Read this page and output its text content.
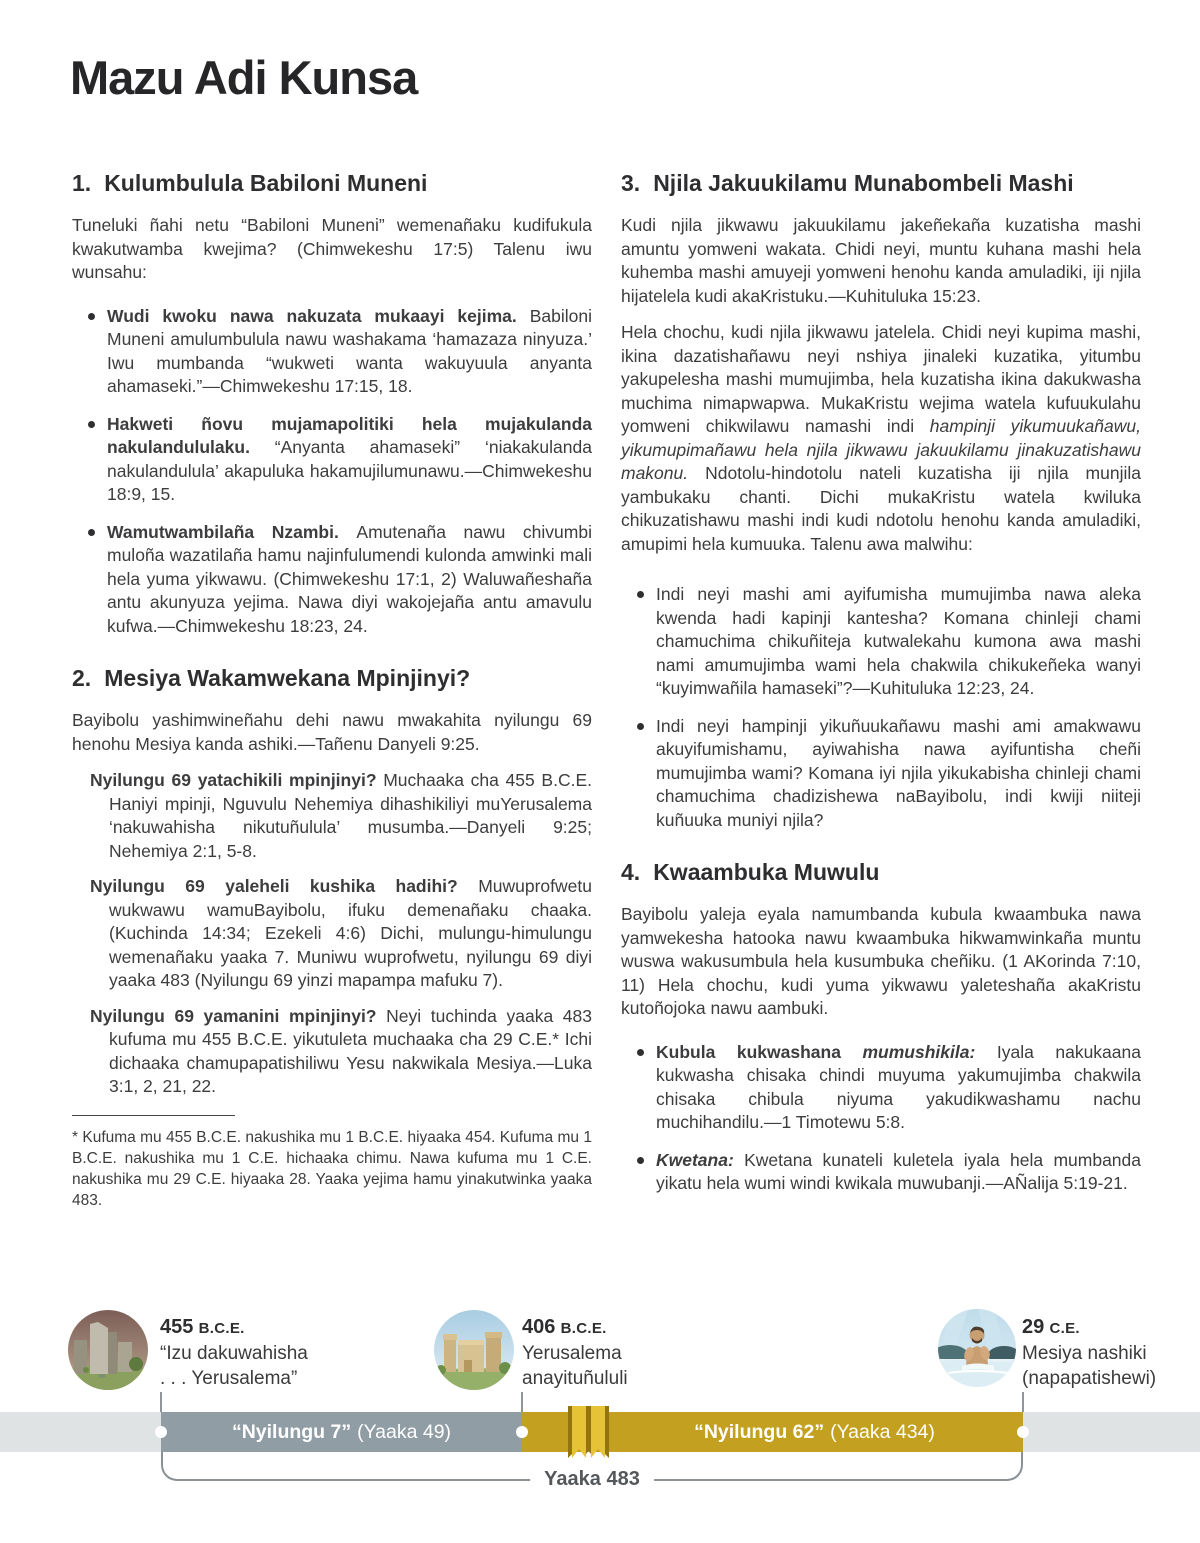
Mazu Adi Kunsa
1. Kulumbulula Babiloni Muneni

Tuneluki ñahi netu “Babiloni Muneni” wemenañaku kudifukula kwakutwamba kwejima? (Chimwekeshu 17:5) Talenu iwu wunsahu:

Wudi kwoku nawa nakuzata mukaayi kejima. Babiloni Muneni amulumbulula nawu washakama ‘hamazaza ninyuza.’ Iwu mumbanda “wukweti wanta wakuyuula anyanta ahamaseki.”—Chimwekeshu 17:15, 18.
Hakweti ñovu mujamapolitiki hela mujakulanda nakulandululaku. “Anyanta ahamaseki” ‘niakakulanda nakulandulula’ akapuluka hakamujilumunawu.—Chimwekeshu 18:9, 15.
Wamutwambilaña Nzambi. Amutenaña nawu chivumbi muloña wazatilaña hamu najinfulumendi kulonda amwinki mali hela yuma yikwawu. (Chimwekeshu 17:1, 2) Waluwañeshaña antu akunyuza yejima. Nawa diyi wakojejaña antu amavulu kufwa.—Chimwekeshu 18:23, 24.
2. Mesiya Wakamwekana Mpinjinyi?

Bayibolu yashimwineñahu dehi nawu mwakahita nyilungu 69 henohu Mesiya kanda ashiki.—Tañenu Danyeli 9:25.

Nyilungu 69 yatachikili mpinjinyi? Muchaaka cha 455 B.C.E. Haniyi mpinji, Nguvulu Nehemiya dihashikiliyi muYerusalema ‘nakuwahisha nikutuñulula’ musumba.—Danyeli 9:25; Nehemiya 2:1, 5-8.

Nyilungu 69 yaleheli kushika hadihi? Muwuprofwetu wukwawu wamuBayibolu, ifuku demenañaku chaaka. (Kuchinda 14:34; Ezekeli 4:6) Dichi, mulungu-himulungu wemenañaku yaaka 7. Muniwu wuprofwetu, nyilungu 69 diyi yaaka 483 (Nyilungu 69 yinzi mapampa mafuku 7).

Nyilungu 69 yamanini mpinjinyi? Neyi tuchinda yaaka 483 kufuma mu 455 B.C.E. yikutuleta muchaaka cha 29 C.E.* Ichi dichaaka chamupapatishiliwu Yesu nakwikala Mesiya.—Luka 3:1, 2, 21, 22.

* Kufuma mu 455 B.C.E. nakushika mu 1 B.C.E. hiyaaka 454. Kufuma mu 1 B.C.E. nakushika mu 1 C.E. hichaaka chimu. Nawa kufuma mu 1 C.E. nakushika mu 29 C.E. hiyaaka 28. Yaaka yejima hamu yinakutwinka yaaka 483.

3. Njila Jakuukilamu Munabombeli Mashi

Kudi njila jikwawu jakuukilamu jakeñekaña kuzatisha mashi amuntu yomweni wakata. Chidi neyi, muntu kuhana mashi hela kuhemba mashi amuyeji yomweni henohu kanda amuladiki, iji njila hijatelela kudi akaKristuku.—Kuhituluka 15:23.

Hela chochu, kudi njila jikwawu jatelela. Chidi neyi kupima mashi, ikina dazatishañawu neyi nshiya jinaleki kuzatika, yitumbu yakupelesha mashi mumujimba, hela kuzatisha ikina dakukwasha muchima nimapwapwa. MukaKristu wejima watela kufuukulahu yomweni chikwilawu namashi indi hampinji yikumuukañawu, yikumupimañawu hela njila jikwawu jakuukilamu jinakuzatishawu makonu. Ndotolu-hindotolu nateli kuzatisha iji njila munjila yambukaku chanti. Dichi mukaKristu watela kwiluka chikuzatishawu mashi indi kudi ndotolu henohu kanda amuladiki, amupimi hela kumuuka. Talenu awa malwihu:

Indi neyi mashi ami ayifumisha mumujimba nawa aleka kwenda hadi kapinji kantesha? Komana chinleji chami chamuchima chikuñiteja kutwalekahu kumona awa mashi nami amumujimba wami hela chakwila chikukeñeka wanyi “kuyimwañila hamaseki”?—Kuhituluka 12:23, 24.
Indi neyi hampinji yikuñuukañawu mashi ami amakwawu akuyifumishamu, ayiwahisha nawa ayifuntisha cheñi mumujimba wami? Komana iyi njila yikukabisha chinleji chami chamuchima chadizishewa naBayibolu, indi kwiji niiteji kuñuuka muniyi njila?
4. Kwaambuka Muwulu

Bayibolu yaleja eyala namumbanda kubula kwaambuka nawa yamwekesha hatooka nawu kwaambuka hikwamwinkaña muntu wuswa wakusumbula hela kusumbuka cheñiku. (1 AKorinda 7:10, 11) Hela chochu, kudi yuma yikwawu yaleteshaña akaKristu kutoñojoka nawu aambuki.

Kubula kukwashana mumushikila: Iyala nakukaana kukwasha chisaka chindi muyuma yakumujimba chakwila chisaka chibula niyuma yakudikwashamu nachu muchihandilu.—1 Timotewu 5:8.
Kwetana: Kwetana kunateli kuletela iyala hela mumbanda yikatu hela wumi windi kwikala muwubanji.—AÑalija 5:19-21.
455 B.C.E.
“Izu dakuwahisha
. . . Yerusalema”
406 B.C.E.
Yerusalema
anayituñululi
29 C.E.
Mesiya nashiki
(napapatishewi)
“Nyilungu 7” (Yaaka 49)	“Nyilungu 62” (Yaaka 434)
Yaaka 483
